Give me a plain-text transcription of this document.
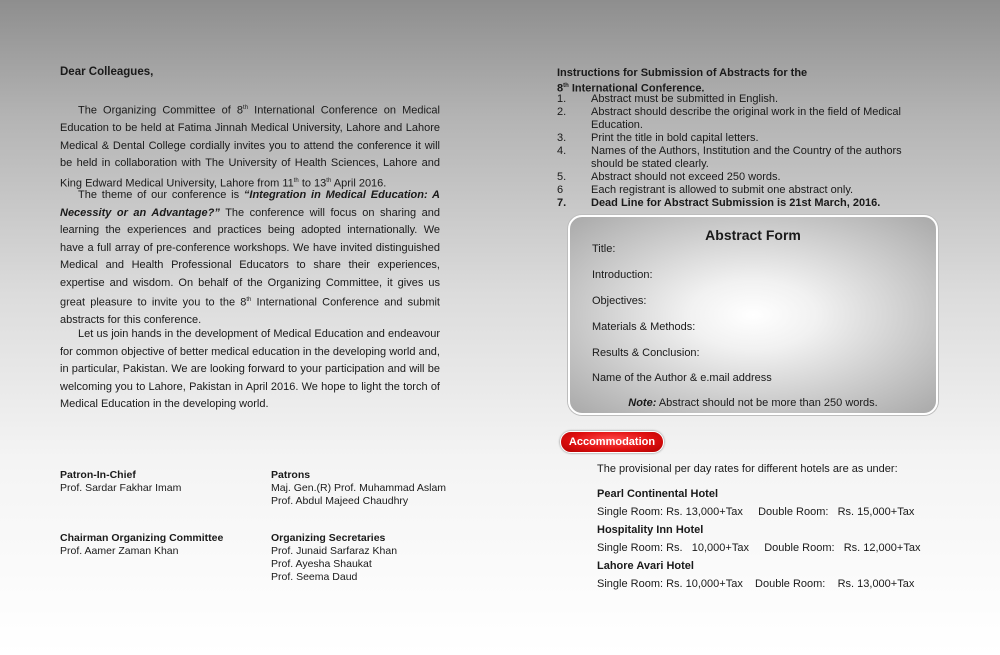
Dear Colleagues,
The Organizing Committee of 8th International Conference on Medical Education to be held at Fatima Jinnah Medical University, Lahore and Lahore Medical & Dental College cordially invites you to attend the conference it will be held in collaboration with The University of Health Sciences, Lahore and King Edward Medical University, Lahore from 11th to 13th April 2016.
The theme of our conference is “Integration in Medical Education: A Necessity or an Advantage?” The conference will focus on sharing and learning the experiences and practices being adopted internationally. We have a full array of pre-conference workshops. We have invited distinguished Medical and Health Professional Educators to share their experiences, expertise and wisdom. On behalf of the Organizing Committee, it gives us great pleasure to invite you to the 8th International Conference and submit abstracts for this conference.
Let us join hands in the development of Medical Education and endeavour for common objective of better medical education in the developing world and, in particular, Pakistan. We are looking forward to your participation and will be welcoming you to Lahore, Pakistan in April 2016. We hope to light the torch of Medical Education in the developing world.
Patron-In-Chief
Prof. Sardar Fakhar Imam
Patrons
Maj. Gen.(R) Prof. Muhammad Aslam
Prof. Abdul Majeed Chaudhry
Chairman Organizing Committee
Prof. Aamer Zaman Khan
Organizing Secretaries
Prof. Junaid Sarfaraz Khan
Prof. Ayesha Shaukat
Prof. Seema Daud
Instructions for Submission of Abstracts for the
8th International Conference.
1.	Abstract must be submitted in English.
2.	Abstract should describe the original work in the field of Medical Education.
3.	Print the title in bold capital letters.
4.	Names of the Authors, Institution and the Country of the authors should be stated clearly.
5.	Abstract should not exceed 250 words.
6	Each registrant is allowed to submit one abstract only.
7.	Dead Line for Abstract Submission is 21st March, 2016.
Abstract Form
Title:
Introduction:
Objectives:
Materials & Methods:
Results & Conclusion:
Name of the Author & e.mail address
Note: Abstract should not be more than 250 words.
Accommodation
The provisional per day rates for different hotels are as under:
Pearl Continental Hotel
Single Room: Rs. 13,000+Tax     Double Room:   Rs. 15,000+Tax
Hospitality Inn Hotel
Single Room: Rs.   10,000+Tax     Double Room:   Rs. 12,000+Tax
Lahore Avari Hotel
Single Room: Rs. 10,000+Tax    Double Room:    Rs. 13,000+Tax
